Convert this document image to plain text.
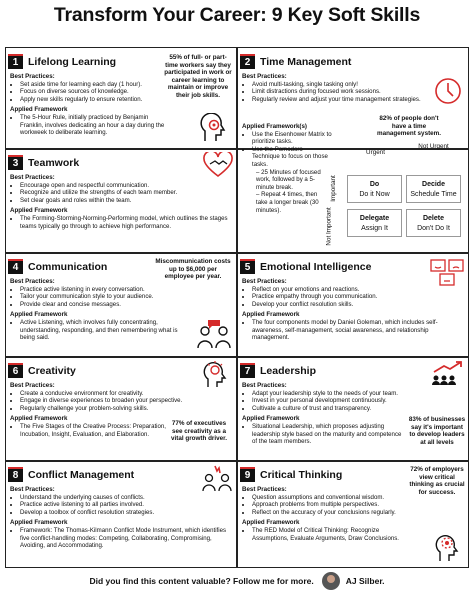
Transform Your Career: 9 Key Soft Skills
1 Lifelong Learning
Best Practices:
• Set aside time for learning each day (1 hour).
• Focus on diverse sources of knowledge.
• Apply new skills regularly to ensure retention.
Applied Framework
• The 5-Hour Rule, initially practiced by Benjamin Franklin, involves dedicating an hour a day during the workweek to deliberate learning.
55% of full- or part-time workers say they participated in work or career learning to maintain or improve their job skills.
2 Time Management
Best Practices:
• Avoid multi-tasking, single tasking only!
• Limit distractions during focused work sessions.
• Regularly review and adjust your time management strategies.
Applied Framework(s)
• Use the Eisenhower Matrix to prioritize tasks.
• Use the Pomodoro Technique to focus on those tasks.
– 25 Minutes of focused work, followed by a 5-minute break.
– Repeat 4 times, then take a longer break (30 minutes).
82% of people don't have a time management system.
Urgent
Not Urgent
Important
Not Important
Do
Do it Now
Decide
Schedule Time
Delegate
Assign It
Delete
Don't Do It
3 Teamwork
Best Practices:
• Encourage open and respectful communication.
• Recognize and utilize the strengths of each team member.
• Set clear goals and roles within the team.
Applied Framework
• The Forming-Storming-Norming-Performing model, which outlines the stages teams typically go through to achieve high performance.
4 Communication
Best Practices:
• Practice active listening in every conversation.
• Tailor your communication style to your audience.
• Provide clear and concise messages.
Applied Framework
• Active Listening, which involves fully concentrating, understanding, responding, and then remembering what is being said.
Miscommunication costs up to $6,000 per employee per year.
5 Emotional Intelligence
Best Practices:
• Reflect on your emotions and reactions.
• Practice empathy through you communication.
• Develop your conflict resolution skills.
Applied Framework
• The four components model by Daniel Goleman, which includes self-awareness, self-management, social awareness, and relationship management.
6 Creativity
Best Practices:
• Create a conducive environment for creativity.
• Engage in diverse experiences to broaden your perspective.
• Regularly challenge your problem-solving skills.
Applied Framework
• The Five Stages of the Creative Process: Preparation, Incubation, Insight, Evaluation, and Elaboration.
77% of executives see creativity as a vital growth driver.
7 Leadership
Best Practices:
• Adapt your leadership style to the needs of your team.
• Invest in your personal development continuously.
• Cultivate a culture of trust and transparency.
Applied Framework
• Situational Leadership, which proposes adjusting leadership style based on the maturity and competence of the team members.
83% of businesses say it's important to develop leaders at all levels
8 Conflict Management
Best Practices:
• Understand the underlying causes of conflicts.
• Practice active listening to all parties involved.
• Develop a toolbox of conflict resolution strategies.
Applied Framework
• Framework: The Thomas-Kilmann Conflict Mode Instrument, which identifies five conflict-handling modes: Competing, Collaborating, Compromising, Avoiding, and Accommodating.
9 Critical Thinking
Best Practices:
• Question assumptions and conventional wisdom.
• Approach problems from multiple perspectives.
• Reflect on the accuracy of your conclusions regularly.
Applied Framework
• The RED Model of Critical Thinking: Recognize Assumptions, Evaluate Arguments, Draw Conclusions.
72% of employers view critical thinking as crucial for success.
Did you find this content valuable? Follow me for more.	AJ Silber.
